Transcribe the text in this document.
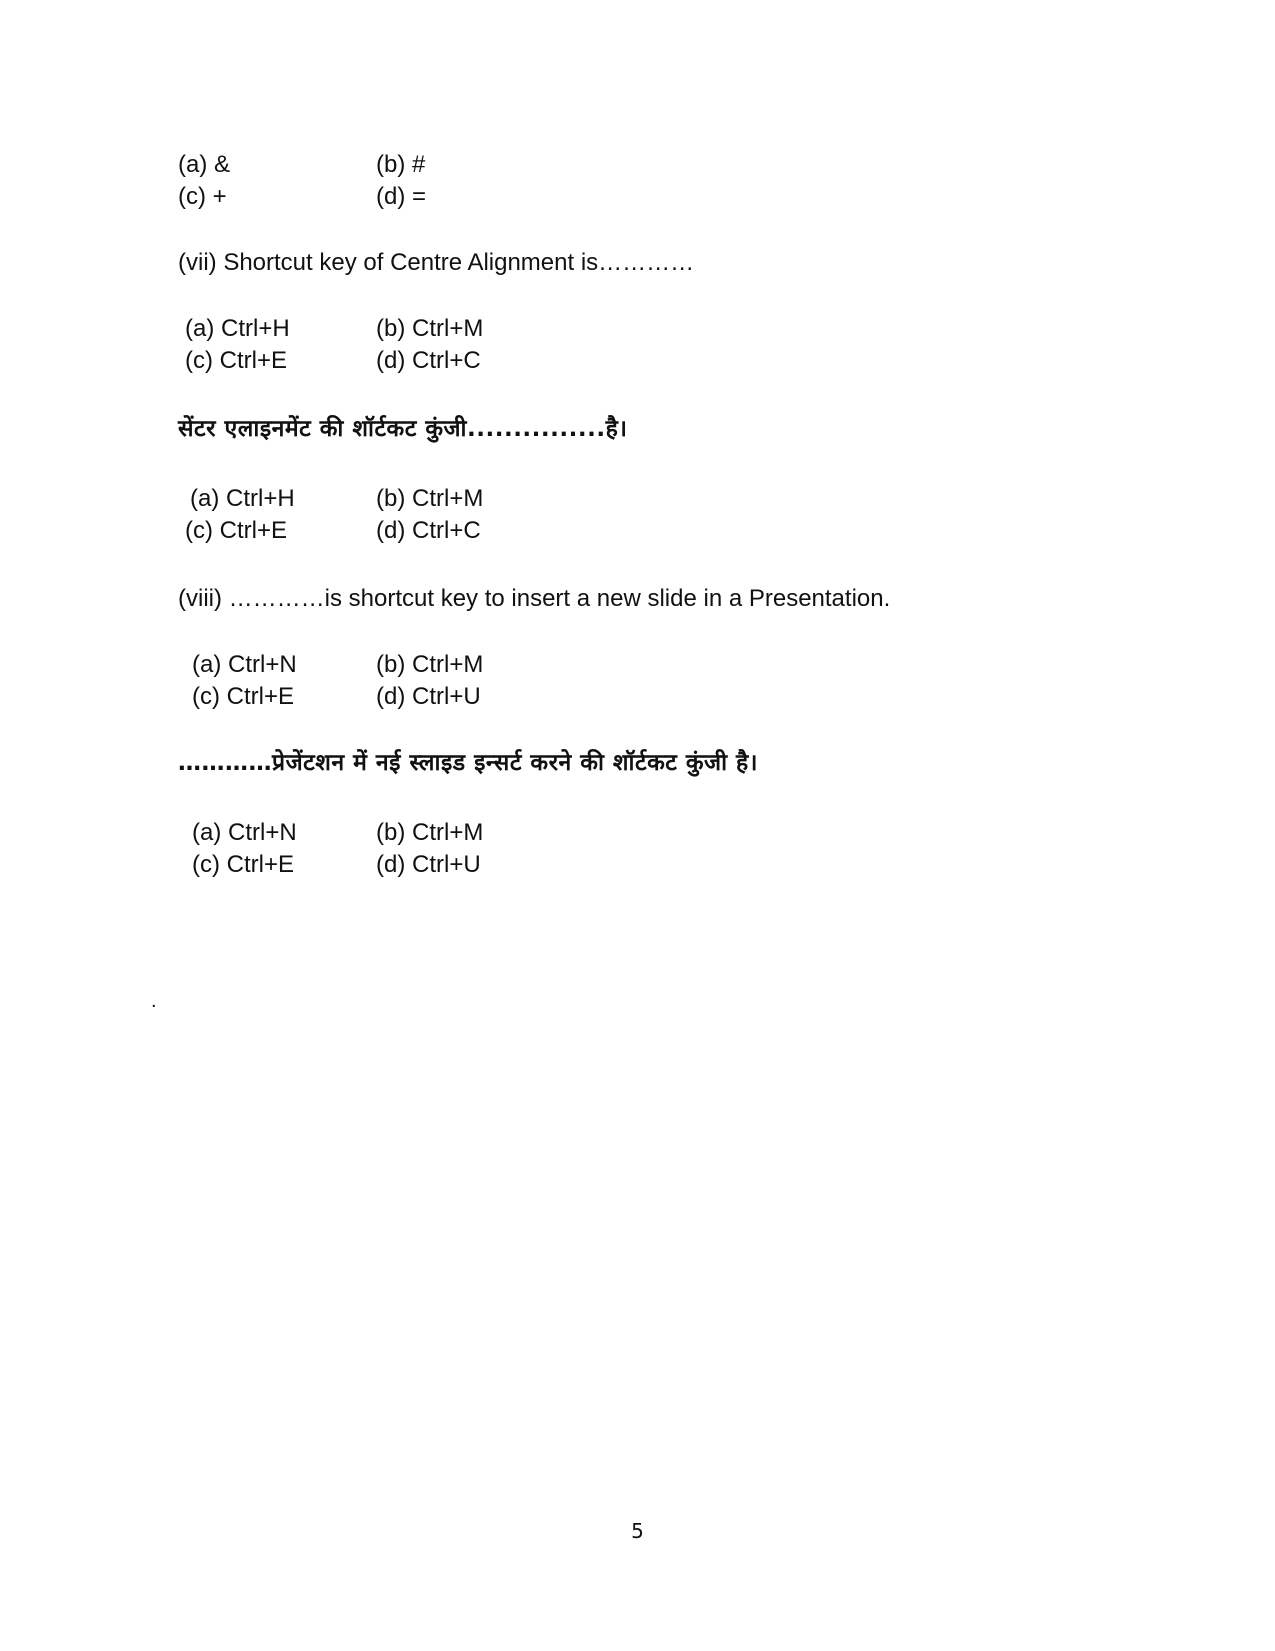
(a) &	(b) #
(c) +	(d) =
(vii) Shortcut key of Centre Alignment is…………
(a) Ctrl+H	(b) Ctrl+M
(c) Ctrl+E	(d) Ctrl+C
सेंटर एलाइनमेंट की शॉर्टकट कुंजी...............है।
(a) Ctrl+H	(b) Ctrl+M
(c) Ctrl+E	(d) Ctrl+C
(viii) …………is shortcut key to insert a new slide in a Presentation.
(a) Ctrl+N	(b) Ctrl+M
(c) Ctrl+E	(d) Ctrl+U
…………प्रेजेंटशन में नई स्लाइड इन्सर्ट करने की शॉर्टकट कुंजी है।
(a) Ctrl+N	(b) Ctrl+M
(c) Ctrl+E	(d) Ctrl+U
.
5
